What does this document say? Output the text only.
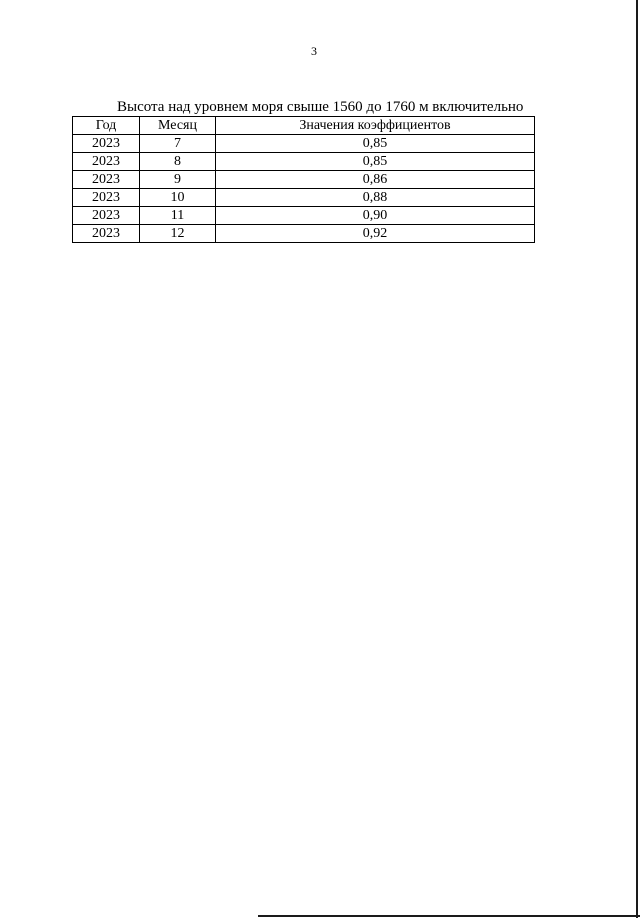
3
Высота над уровнем моря свыше 1560 до 1760 м включительно
Год	Месяц	Значения коэффициентов
2023	7	0,85
2023	8	0,85
2023	9	0,86
2023	10	0,88
2023	11	0,90
2023	12	0,92
